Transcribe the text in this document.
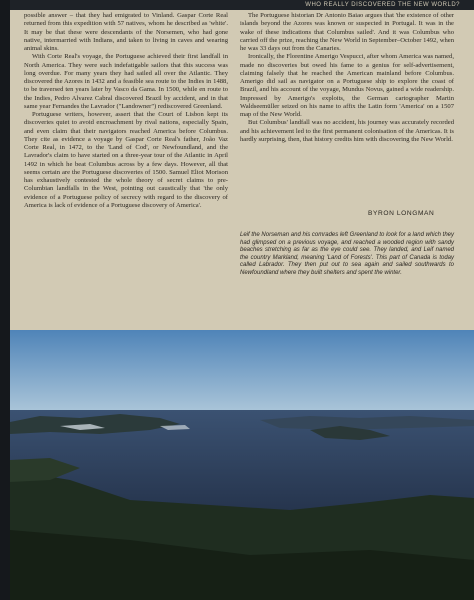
WHO REALLY DISCOVERED THE NEW WORLD?

possible answer – that they had emigrated to Vinland. Gaspar Corte Real returned from this expedition with 57 natives, whom he described as 'white'. It may be that these were descendants of the Norsemen, who had gone native, intermarried with Indians, and taken to living in caves and wearing animal skins.

With Corte Real's voyage, the Portuguese achieved their first landfall in North America. They were such indefatigable sailors that this success was long overdue. For many years they had sailed all over the Atlantic. They discovered the Azores in 1432 and a feasible sea route to the Indies in 1488, to be traversed ten years later by Vasco da Gama. In 1500, while en route to the Indies, Pedro Alvarez Cabral discovered Brazil by accident, and in that same year Fernandes the Lavrador ("Landowner") rediscovered Greenland.

Portuguese writers, however, assert that the Court of Lisbon kept its discoveries quiet to avoid encroachment by rival nations, especially Spain, and even claim that their navigators reached America before Columbus. They cite as evidence a voyage by Gaspar Corte Real's father, João Vaz Corte Real, in 1472, to the 'Land of Cod', or Newfoundland, and the Lavrador's claim to have started on a three-year tour of the Atlantic in April 1492 in which he beat Columbus across by a few days. However, all that seems certain are the Portuguese discoveries of 1500. Samuel Eliot Morison has exhaustively contested the whole theory of secret claims to pre-Columbian landfalls in the West, pointing out caustically that 'the only evidence of a Portuguese policy of secrecy with regard to the discovery of America is lack of evidence of a Portuguese discovery of America'.

The Portuguese historian Dr Antonio Baiao argues that 'the existence of other islands beyond the Azores was known or suspected in Portugal. It was in the wake of these indications that Columbus sailed'. And it was Columbus who carried off the prize, reaching the New World in September–October 1492, when he was 33 days out from the Canaries.

Ironically, the Florentine Amerigo Vespucci, after whom America was named, made no discoveries but owed his fame to a genius for self-advertisement, claiming falsely that he reached the American mainland before Columbus. Amerigo did sail as navigator on a Portuguese ship to explore the coast of Brazil, and his account of the voyage, Mundus Novus, gained a wide readership. Impressed by Amerigo's exploits, the German cartographer Martin Waldseemüller seized on his name to affix the Latin form 'America' on a 1507 map of the New World.

But Columbus' landfall was no accident, his journey was accurately recorded and his achievement led to the first permanent colonisation of the Americas. It is hardly surprising, then, that history credits him with discovering the New World.

BYRON LONGMAN
Leif the Norseman and his comrades left Greenland to look for a land which they had glimpsed on a previous voyage, and reached a wooded region with sandy beaches stretching as far as the eye could see. They landed, and Leif named the country Markland, meaning 'Land of Forests'. This part of Canada is today called Labrador. They then put out to sea again and sailed southwards to Newfoundland where they built shelters and spent the winter.
